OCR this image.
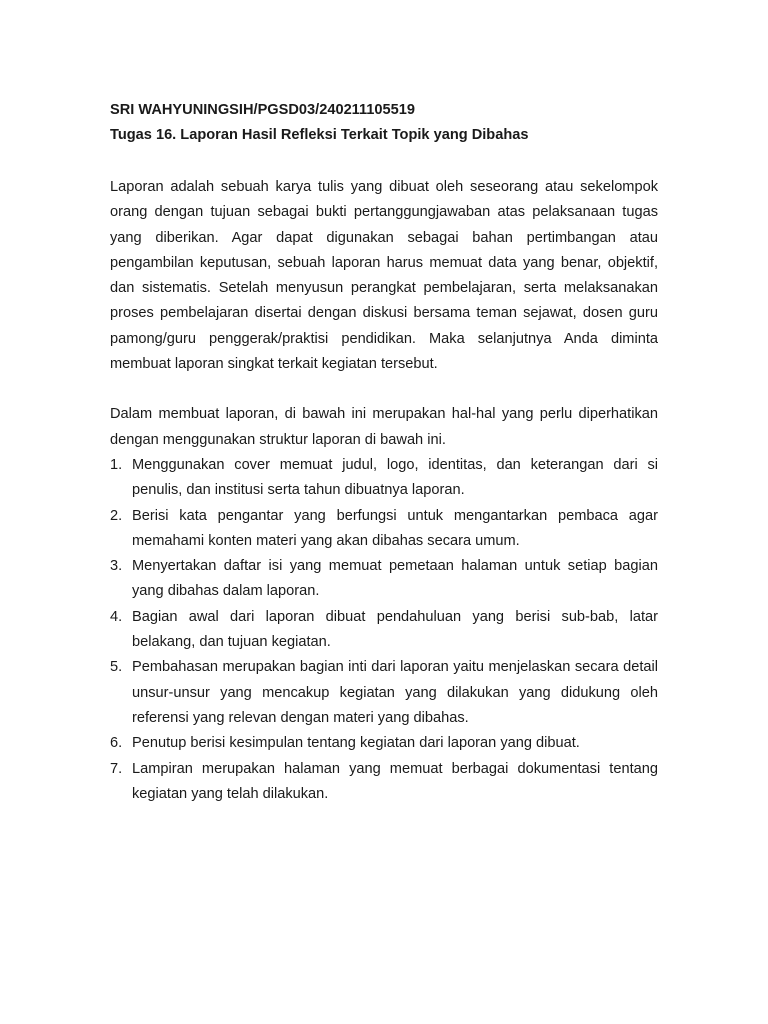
SRI WAHYUNINGSIH/PGSD03/240211105519

Tugas 16. Laporan Hasil Refleksi Terkait Topik yang Dibahas

Laporan adalah sebuah karya tulis yang dibuat oleh seseorang atau sekelompok orang dengan tujuan sebagai bukti pertanggungjawaban atas pelaksanaan tugas yang diberikan. Agar dapat digunakan sebagai bahan pertimbangan atau pengambilan keputusan, sebuah laporan harus memuat data yang benar, objektif, dan sistematis. Setelah menyusun perangkat pembelajaran, serta melaksanakan proses pembelajaran disertai dengan diskusi bersama teman sejawat, dosen guru pamong/guru penggerak/praktisi pendidikan. Maka selanjutnya Anda diminta membuat laporan singkat terkait kegiatan tersebut.

Dalam membuat laporan, di bawah ini merupakan hal-hal yang perlu diperhatikan dengan menggunakan struktur laporan di bawah ini.

1. Menggunakan cover memuat judul, logo, identitas, dan keterangan dari si penulis, dan institusi serta tahun dibuatnya laporan.
2. Berisi kata pengantar yang berfungsi untuk mengantarkan pembaca agar memahami konten materi yang akan dibahas secara umum.
3. Menyertakan daftar isi yang memuat pemetaan halaman untuk setiap bagian yang dibahas dalam laporan.
4. Bagian awal dari laporan dibuat pendahuluan yang berisi sub-bab, latar belakang, dan tujuan kegiatan.
5. Pembahasan merupakan bagian inti dari laporan yaitu menjelaskan secara detail unsur-unsur yang mencakup kegiatan yang dilakukan yang didukung oleh referensi yang relevan dengan materi yang dibahas.
6. Penutup berisi kesimpulan tentang kegiatan dari laporan yang dibuat.
7. Lampiran merupakan halaman yang memuat berbagai dokumentasi tentang kegiatan yang telah dilakukan.
